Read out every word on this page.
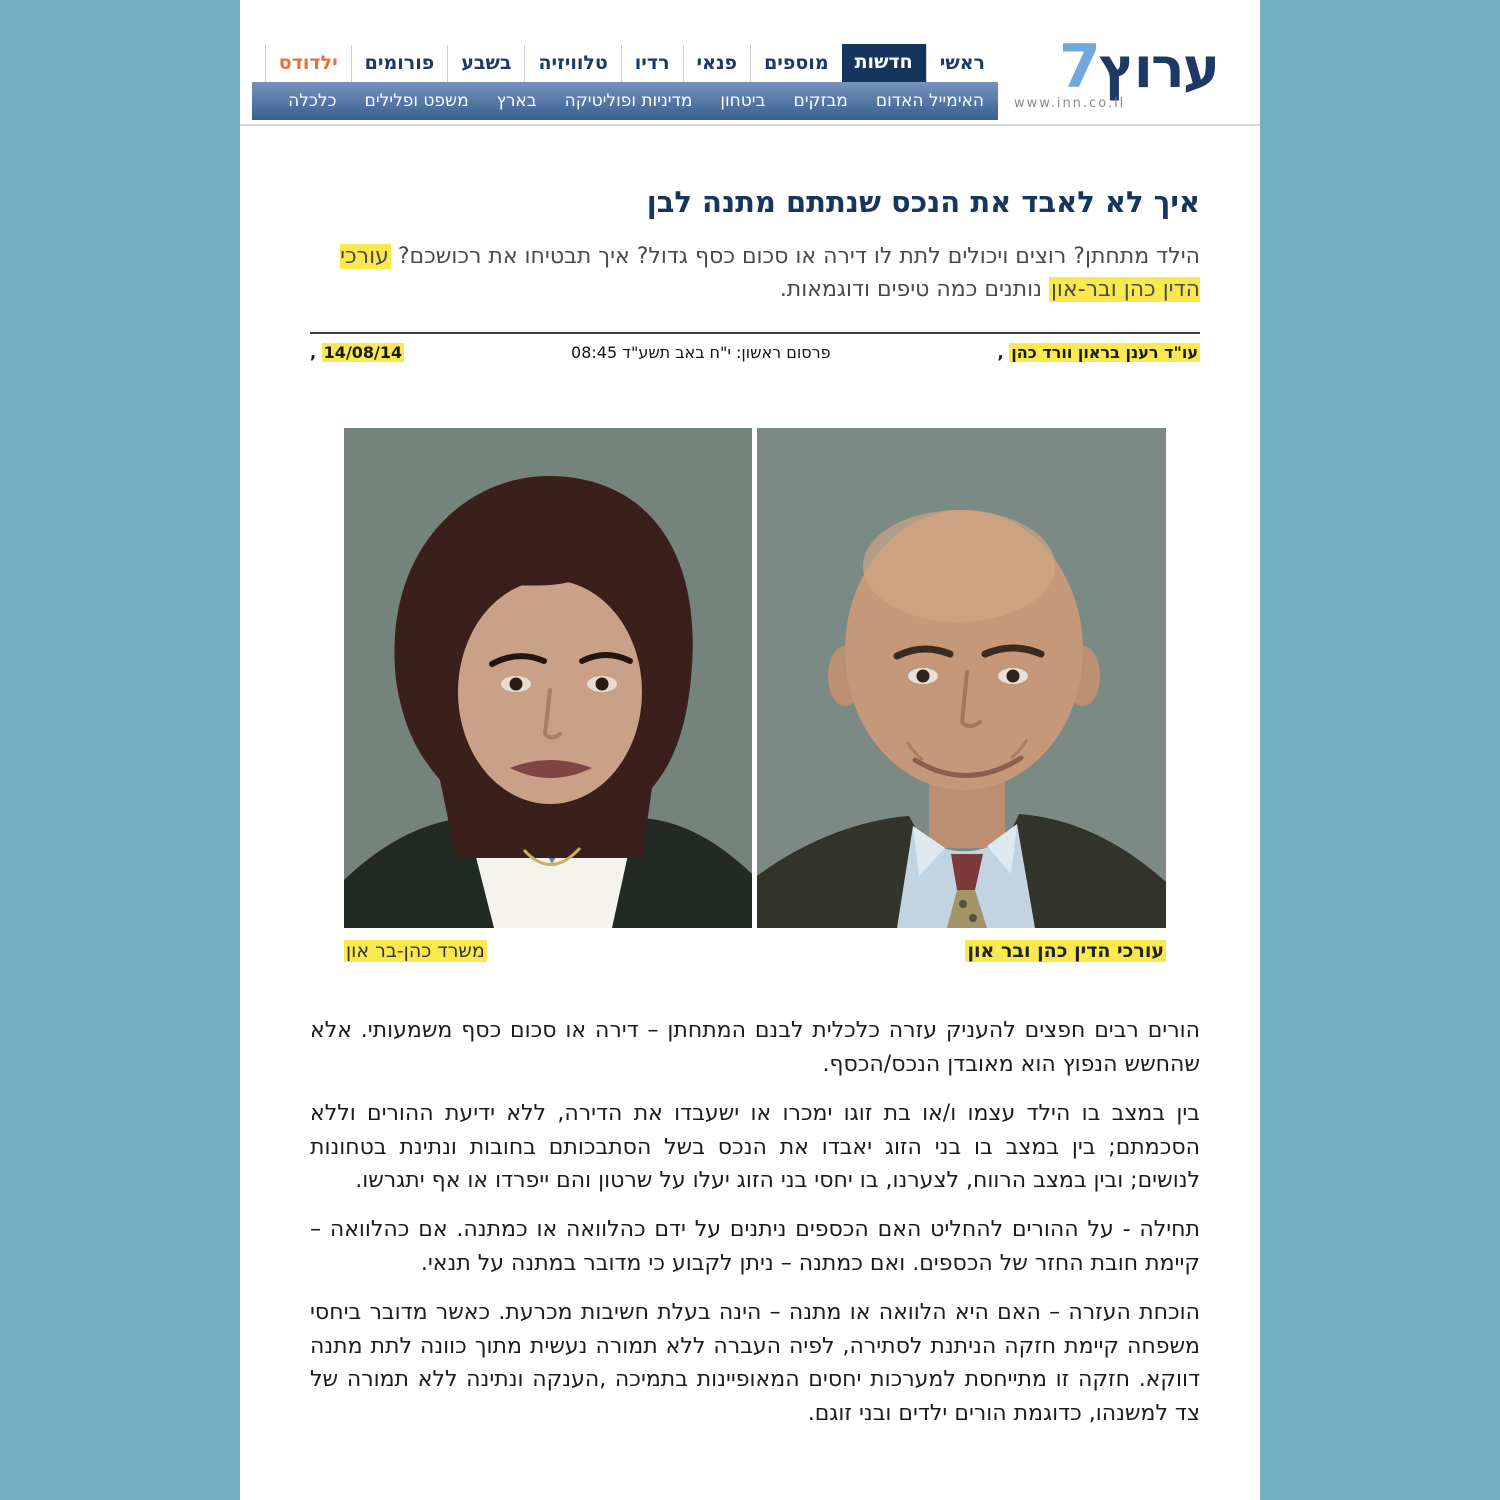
ערוץ7
www.inn.co.il
ראשי
חדשות
מוספים
פנאי
רדיו
טלוויזיה
בשבע
פורומים
ילדודס
האימייל האדום
מבזקים
ביטחון
מדיניות ופוליטיקה
בארץ
משפט ופלילים
כלכלה
איך לא לאבד את הנכס שנתתם מתנה לבן
הילד מתחתן? רוצים ויכולים לתת לו דירה או סכום כסף גדול? איך תבטיחו את רכושכם? עורכי הדין כהן ובר-און נותנים כמה טיפים ודוגמאות.
עו"ד רענן בראון וורד כהן ,
פרסום ראשון: י"ח באב תשע"ד 08:45
14/08/14 ,
עורכי הדין כהן ובר און
משרד כהן-בר און

הורים רבים חפצים להעניק עזרה כלכלית לבנם המתחתן – דירה או סכום כסף משמעותי. אלא שהחשש הנפוץ הוא מאובדן הנכס/הכסף.

בין במצב בו הילד עצמו ו/או בת זוגו ימכרו או ישעבדו את הדירה, ללא ידיעת ההורים וללא הסכמתם; בין במצב בו בני הזוג יאבדו את הנכס בשל הסתבכותם בחובות ונתינת בטחונות לנושים; ובין במצב הרווח, לצערנו, בו יחסי בני הזוג יעלו על שרטון והם ייפרדו או אף יתגרשו.

תחילה - על ההורים להחליט האם הכספים ניתנים על ידם כהלוואה או כמתנה. אם כהלוואה – קיימת חובת החזר של הכספים. ואם כמתנה – ניתן לקבוע כי מדובר במתנה על תנאי.

הוכחת העזרה – האם היא הלוואה או מתנה – הינה בעלת חשיבות מכרעת. כאשר מדובר ביחסי משפחה קיימת חזקה הניתנת לסתירה, לפיה העברה ללא תמורה נעשית מתוך כוונה לתת מתנה דווקא. חזקה זו מתייחסת למערכות יחסים המאופיינות בתמיכה ,הענקה ונתינה ללא תמורה של צד למשנהו, כדוגמת הורים ילדים ובני זוגם.
